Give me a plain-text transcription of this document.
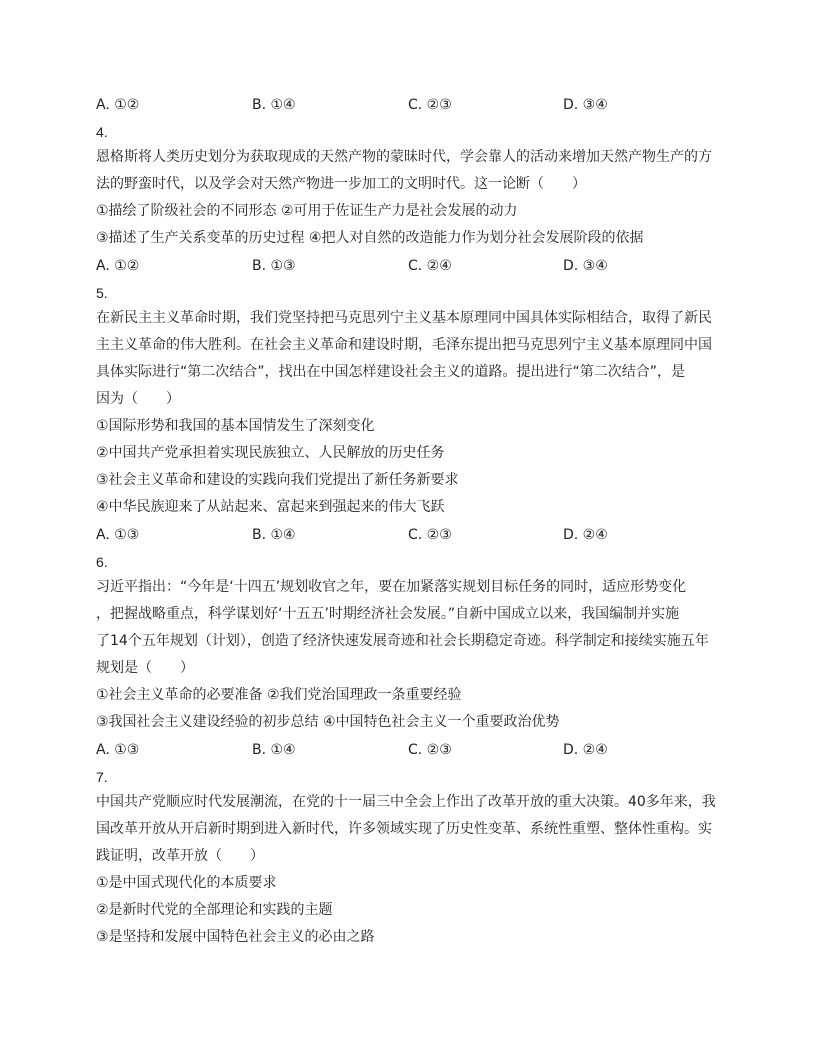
A. ①②	B. ①④	C. ②③	D. ③④
4.
恩格斯将人类历史划分为获取现成的天然产物的蒙昧时代，学会靠人的活动来增加天然产物生产的方
法的野蛮时代，以及学会对天然产物进一步加工的文明时代。这一论断（　　）
①描绘了阶级社会的不同形态 ②可用于佐证生产力是社会发展的动力
③描述了生产关系变革的历史过程 ④把人对自然的改造能力作为划分社会发展阶段的依据
A. ①②	B. ①③	C. ②④	D. ③④
5.
在新民主主义革命时期，我们党坚持把马克思列宁主义基本原理同中国具体实际相结合，取得了新民
主主义革命的伟大胜利。在社会主义革命和建设时期，毛泽东提出把马克思列宁主义基本原理同中国
具体实际进行“第二次结合”，找出在中国怎样建设社会主义的道路。提出进行“第二次结合”，是
因为（　　）
①国际形势和我国的基本国情发生了深刻变化
②中国共产党承担着实现民族独立、人民解放的历史任务
③社会主义革命和建设的实践向我们党提出了新任务新要求
④中华民族迎来了从站起来、富起来到强起来的伟大飞跃
A. ①③	B. ①④	C. ②③	D. ②④
6.
习近平指出：“今年是‘十四五’规划收官之年，要在加紧落实规划目标任务的同时，适应形势变化
，把握战略重点，科学谋划好‘十五五’时期经济社会发展。”自新中国成立以来，我国编制并实施
了14个五年规划（计划），创造了经济快速发展奇迹和社会长期稳定奇迹。科学制定和接续实施五年
规划是（　　）
①社会主义革命的必要准备 ②我们党治国理政一条重要经验
③我国社会主义建设经验的初步总结 ④中国特色社会主义一个重要政治优势
A. ①③	B. ①④	C. ②③	D. ②④
7.
中国共产党顺应时代发展潮流，在党的十一届三中全会上作出了改革开放的重大决策。40多年来，我
国改革开放从开启新时期到进入新时代，许多领域实现了历史性变革、系统性重塑、整体性重构。实
践证明，改革开放（　　）
①是中国式现代化的本质要求
②是新时代党的全部理论和实践的主题
③是坚持和发展中国特色社会主义的必由之路
